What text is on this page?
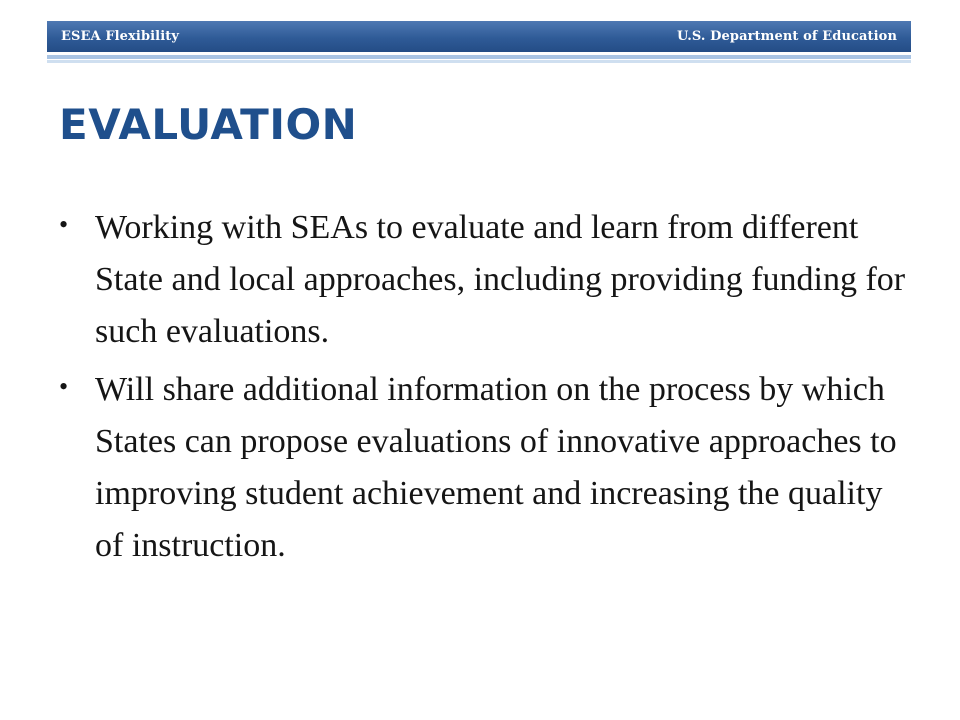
ESEA Flexibility	U.S. Department of Education
EVALUATION
• Working with SEAs to evaluate and learn from different State and local approaches, including providing funding for such evaluations.
• Will share additional information on the process by which States can propose evaluations of innovative approaches to improving student achievement and increasing the quality of instruction.
